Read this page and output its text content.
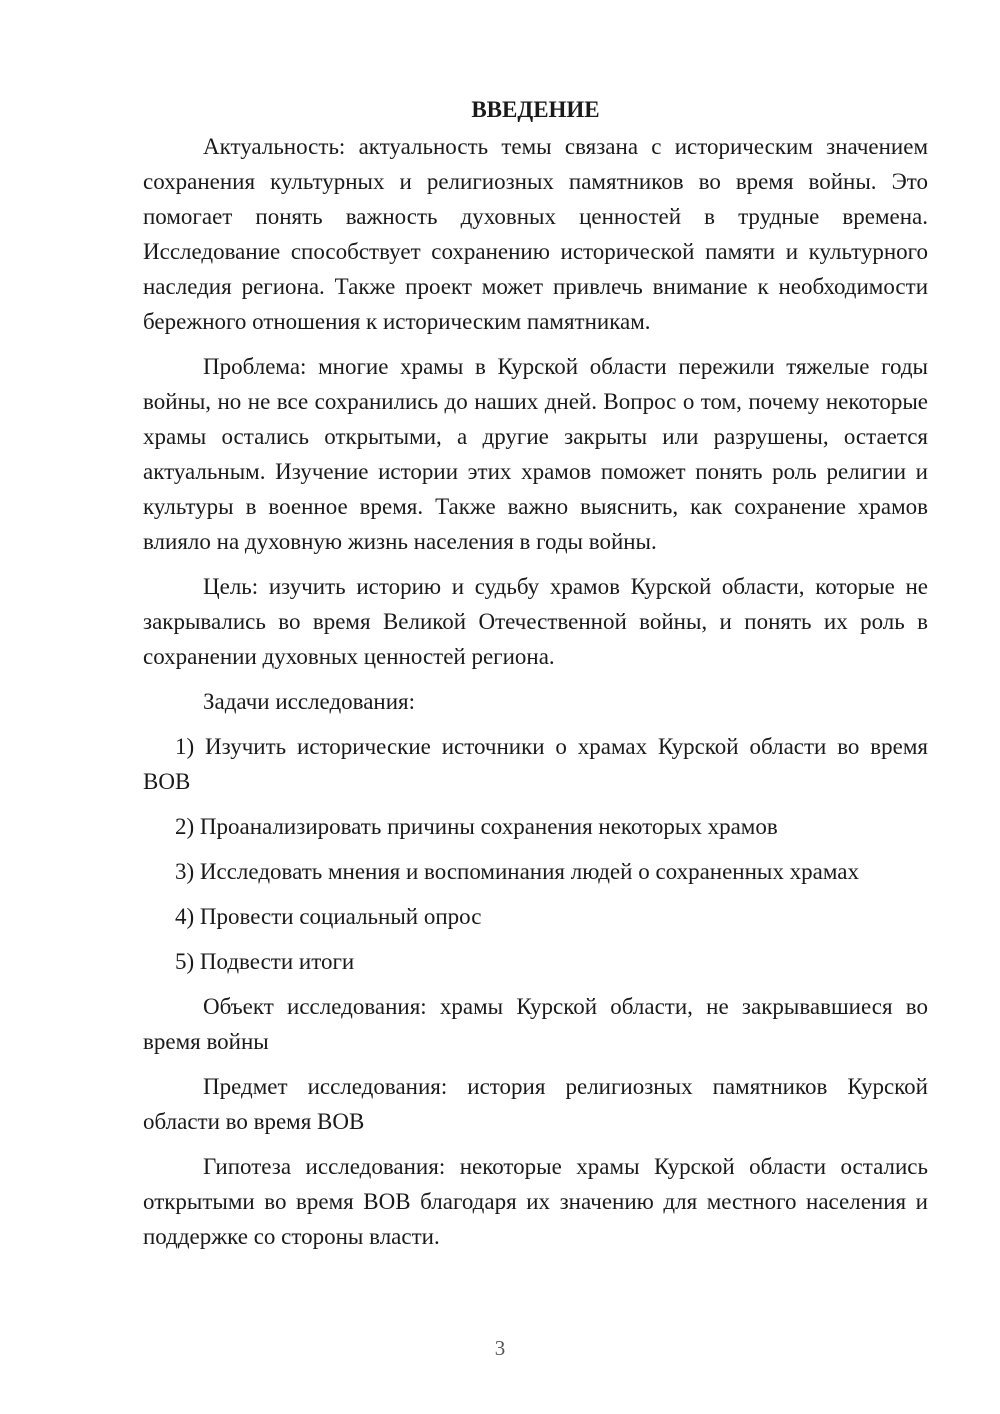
ВВЕДЕНИЕ

Актуальность: актуальность темы связана с историческим значением сохранения культурных и религиозных памятников во время войны. Это помогает понять важность духовных ценностей в трудные времена. Исследование способствует сохранению исторической памяти и культурного наследия региона. Также проект может привлечь внимание к необходимости бережного отношения к историческим памятникам.

Проблема: многие храмы в Курской области пережили тяжелые годы войны, но не все сохранились до наших дней. Вопрос о том, почему некоторые храмы остались открытыми, а другие закрыты или разрушены, остается актуальным. Изучение истории этих храмов поможет понять роль религии и культуры в военное время. Также важно выяснить, как сохранение храмов влияло на духовную жизнь населения в годы войны.

Цель: изучить историю и судьбу храмов Курской области, которые не закрывались во время Великой Отечественной войны, и понять их роль в сохранении духовных ценностей региона.

Задачи исследования:

1) Изучить исторические источники о храмах Курской области во время ВОВ

2) Проанализировать причины сохранения некоторых храмов

3) Исследовать мнения и воспоминания людей о сохраненных храмах

4) Провести социальный опрос

5) Подвести итоги

Объект исследования: храмы Курской области, не закрывавшиеся во время войны

Предмет исследования: история религиозных памятников Курской области во время ВОВ

Гипотеза исследования: некоторые храмы Курской области остались открытыми во время ВОВ благодаря их значению для местного населения и поддержке со стороны власти.

3
